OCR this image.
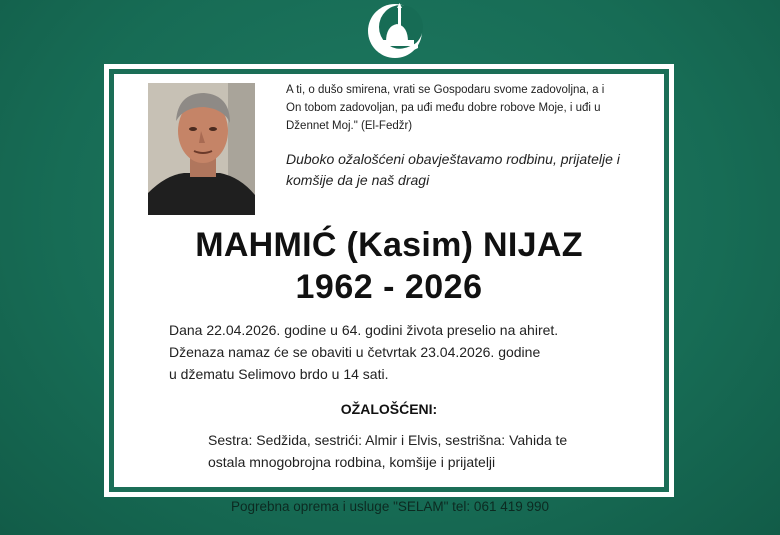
A ti, o dušo smirena, vrati se Gospodaru svome zadovoljna, a i
On tobom zadovoljan, pa uđi među dobre robove Moje, i uđi u
Džennet Moj." (El-Fedžr)
Duboko ožalošćeni obavještavamo rodbinu, prijatelje i
komšije da je naš dragi
MAHMIĆ (Kasim) NIJAZ
1962 - 2026
Dana 22.04.2026. godine u 64. godini života preselio na ahiret.
Dženaza namaz će se obaviti u četvrtak 23.04.2026. godine
u džematu Selimovo brdo u 14 sati.
OŽALOŠĆENI:
Sestra: Sedžida, sestrići: Almir i Elvis, sestrišna: Vahida te
ostala mnogobrojna rodbina, komšije i prijatelji
Pogrebna oprema i usluge "SELAM" tel: 061 419 990
